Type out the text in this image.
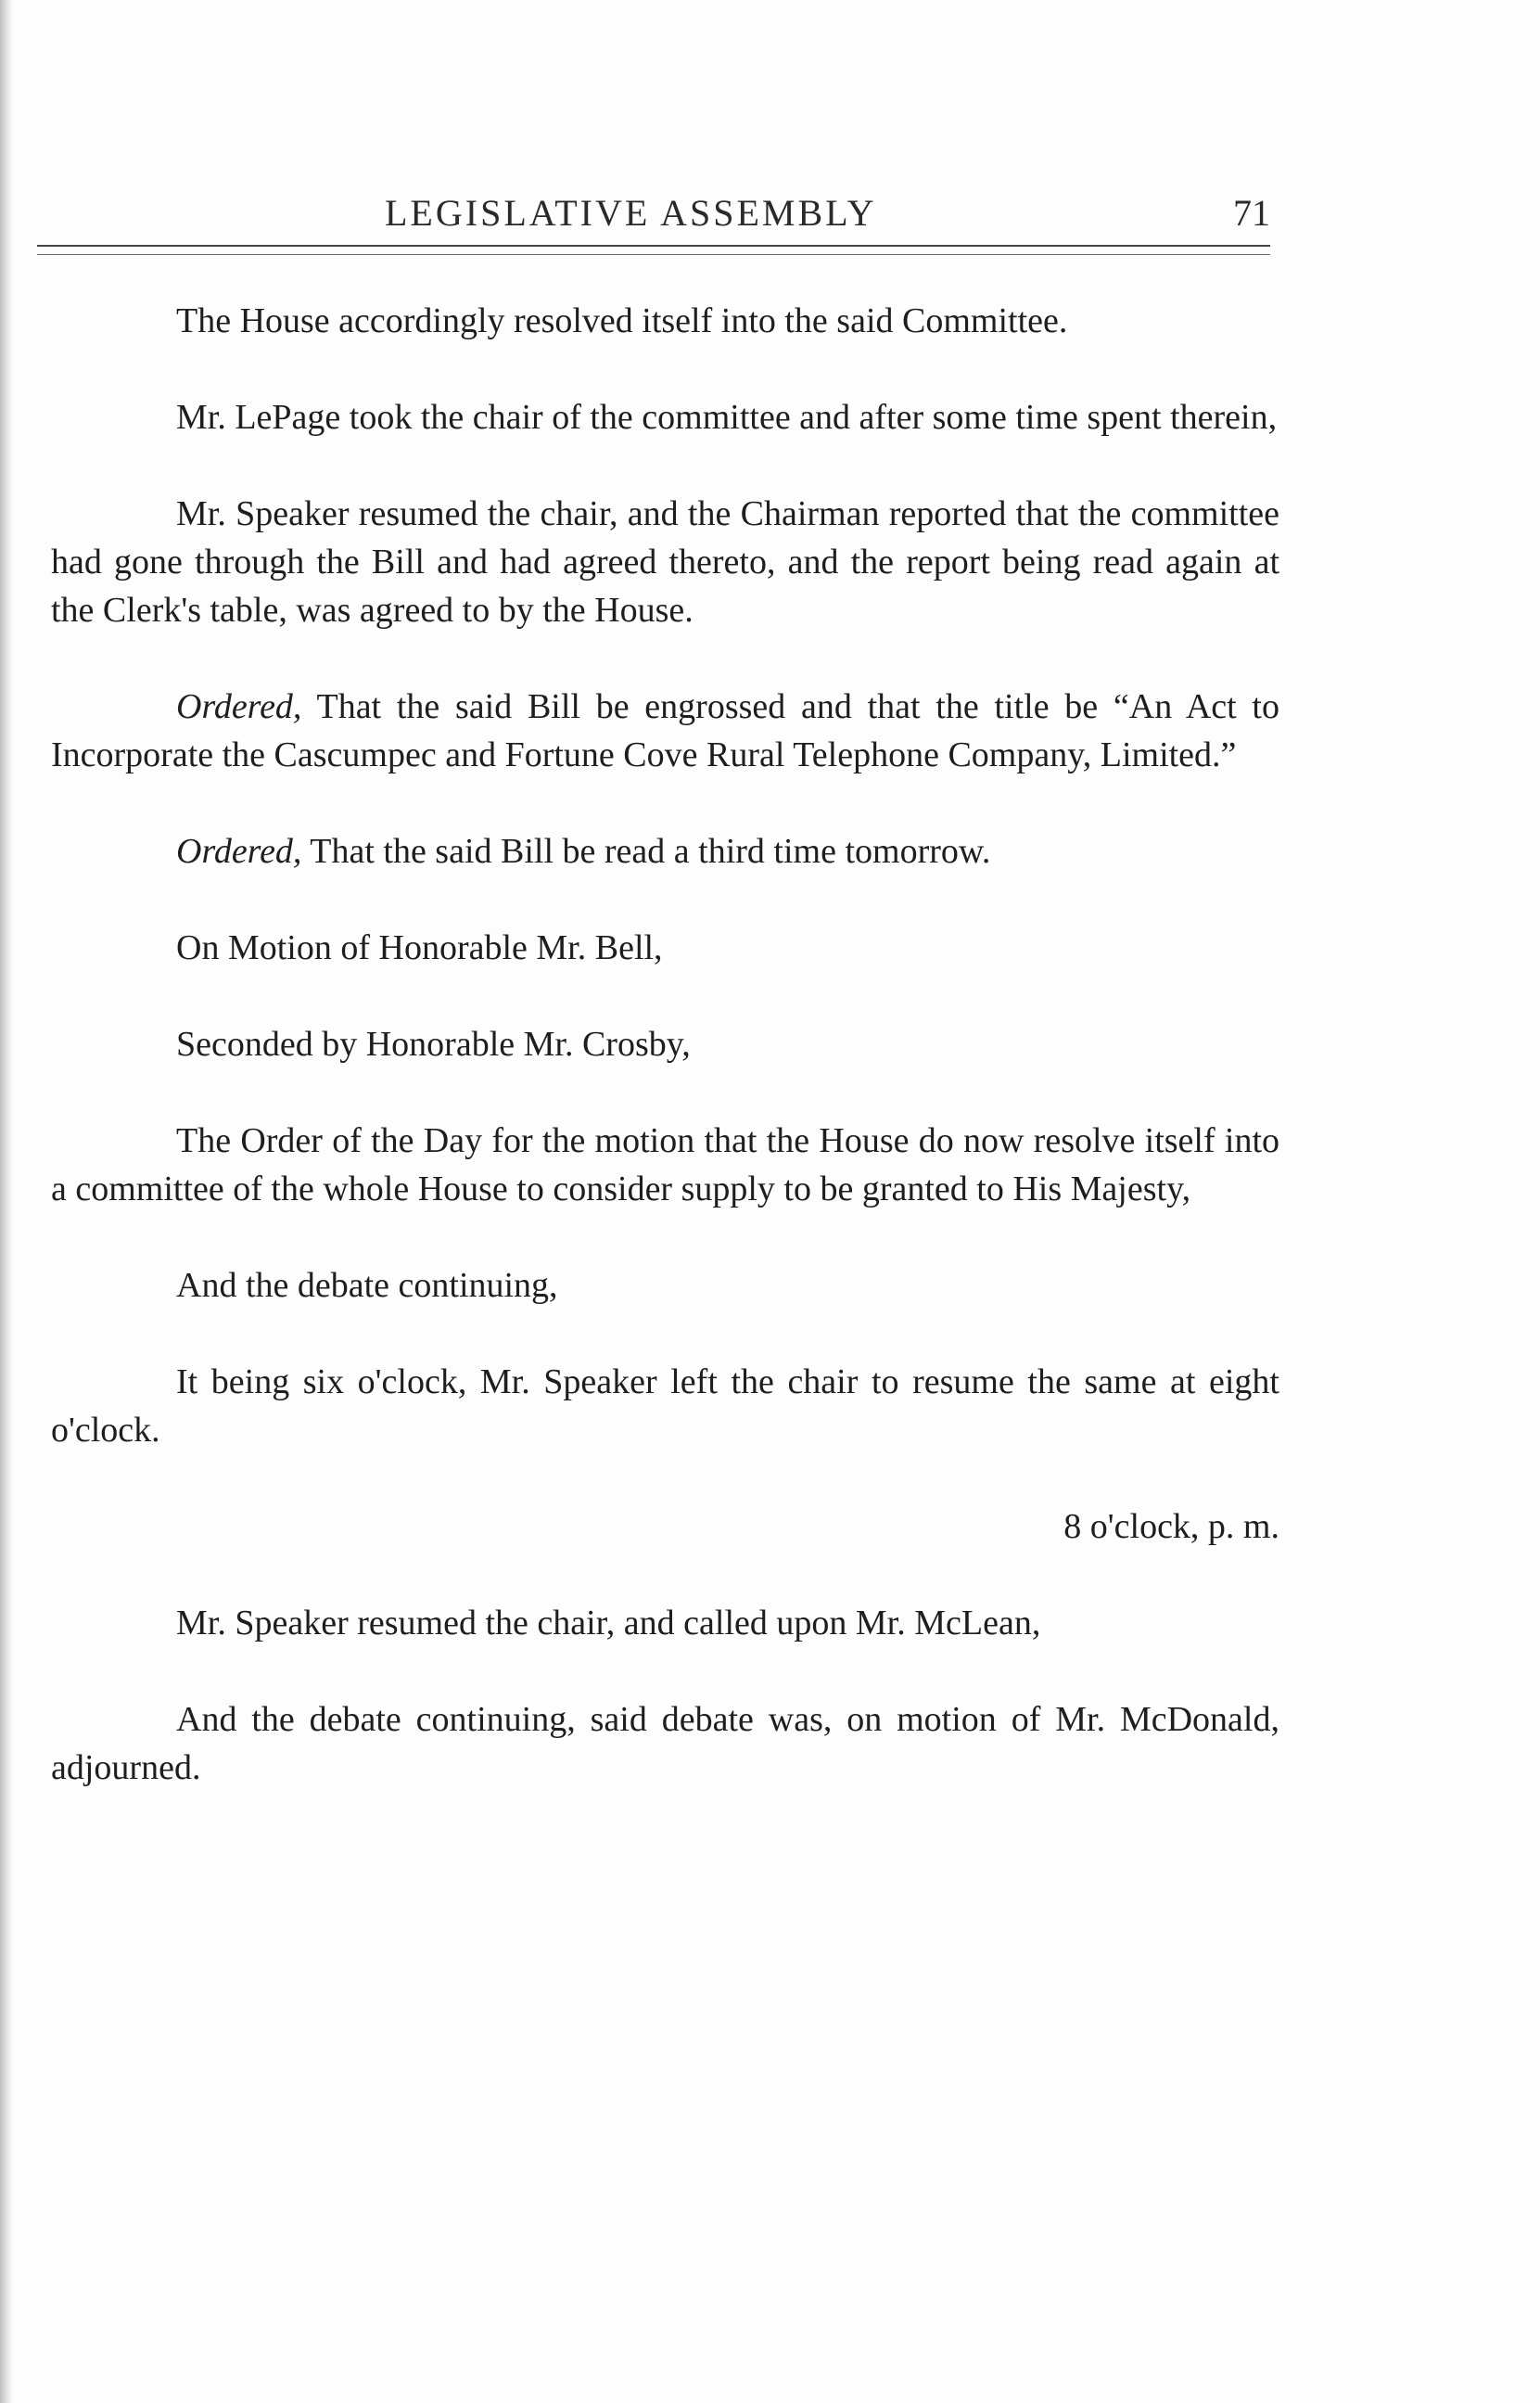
LEGISLATIVE ASSEMBLY	71

The House accordingly resolved itself into the said Committee.

Mr. LePage took the chair of the committee and after some time spent therein,

Mr. Speaker resumed the chair, and the Chairman reported that the committee had gone through the Bill and had agreed thereto, and the report being read again at the Clerk's table, was agreed to by the House.

Ordered, That the said Bill be engrossed and that the title be “An Act to Incorporate the Cascumpec and Fortune Cove Rural Telephone Company, Limited.”

Ordered, That the said Bill be read a third time tomorrow.

On Motion of Honorable Mr. Bell,

Seconded by Honorable Mr. Crosby,

The Order of the Day for the motion that the House do now resolve itself into a committee of the whole House to consider supply to be granted to His Majesty,

And the debate continuing,

It being six o'clock, Mr. Speaker left the chair to resume the same at eight o'clock.

8 o'clock, p. m.

Mr. Speaker resumed the chair, and called upon Mr. McLean,

And the debate continuing, said debate was, on motion of Mr. McDonald, adjourned.
